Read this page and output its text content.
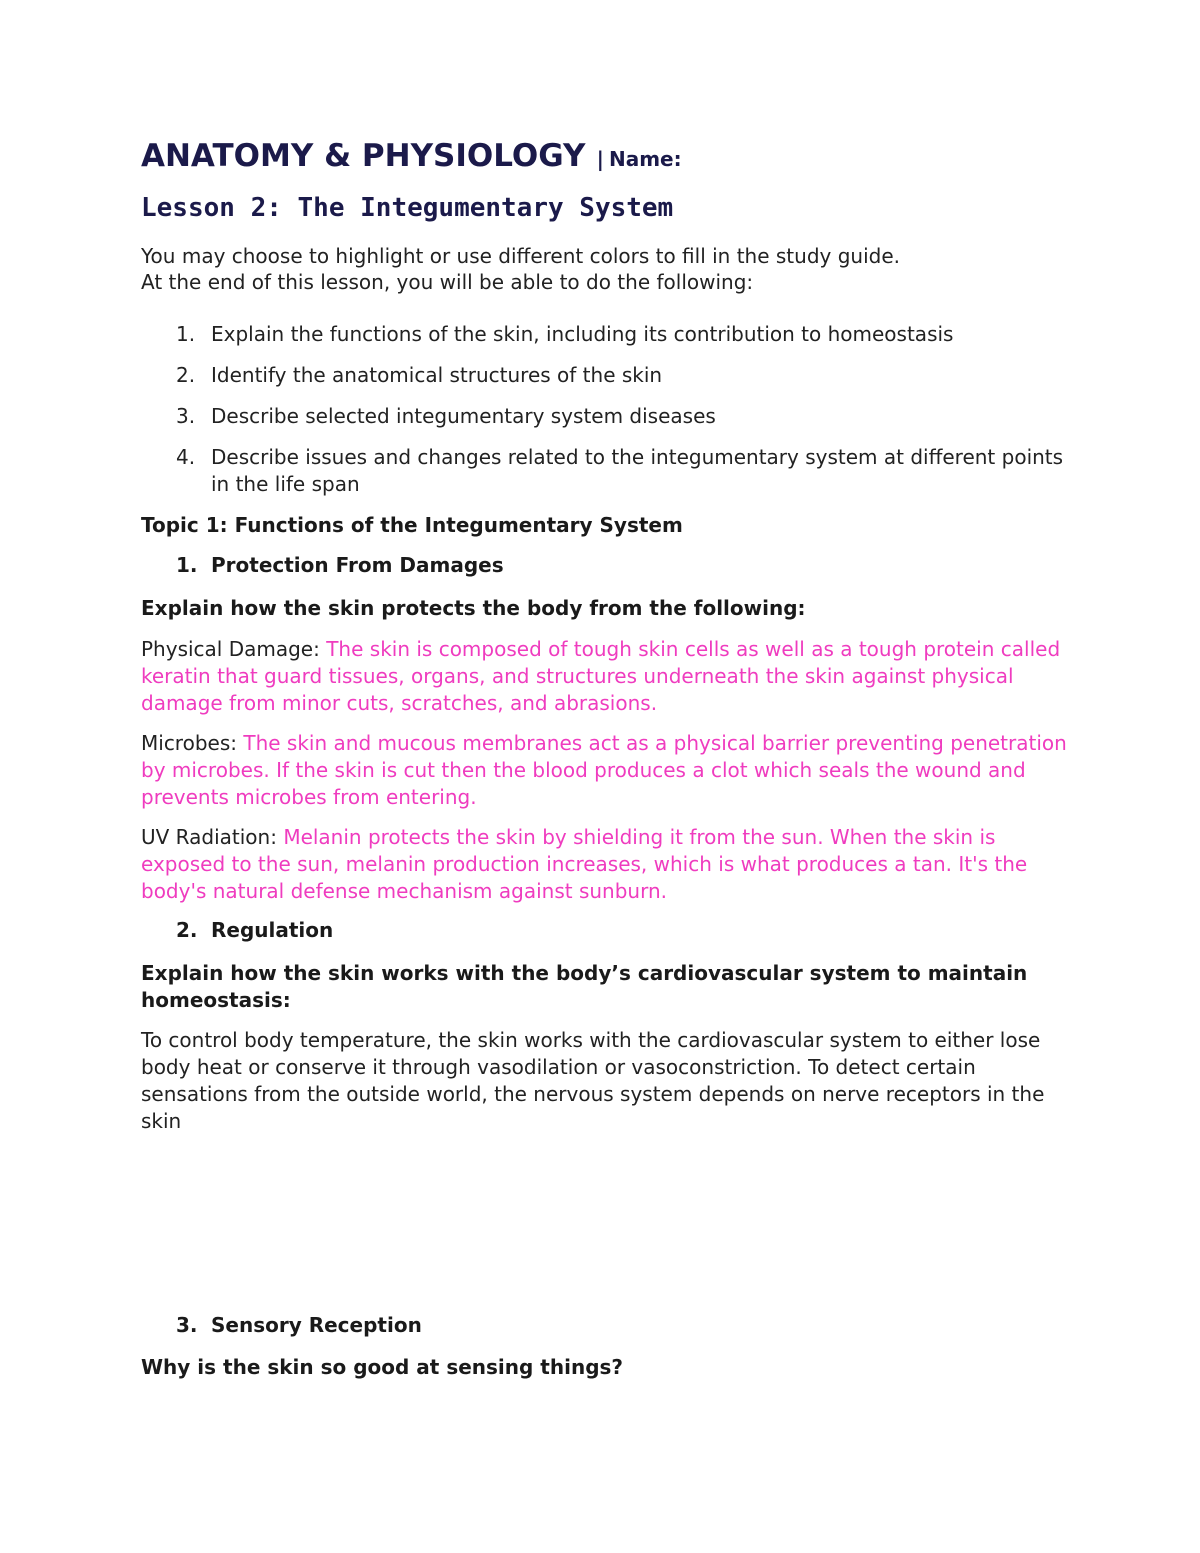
ANATOMY & PHYSIOLOGY | Name:
Lesson 2: The Integumentary System
You may choose to highlight or use different colors to fill in the study guide.
At the end of this lesson, you will be able to do the following:
1. Explain the functions of the skin, including its contribution to homeostasis
2. Identify the anatomical structures of the skin
3. Describe selected integumentary system diseases
4. Describe issues and changes related to the integumentary system at different points in the life span
Topic 1: Functions of the Integumentary System
1. Protection From Damages
Explain how the skin protects the body from the following:
Physical Damage: The skin is composed of tough skin cells as well as a tough protein called keratin that guard tissues, organs, and structures underneath the skin against physical damage from minor cuts, scratches, and abrasions.
Microbes: The skin and mucous membranes act as a physical barrier preventing penetration by microbes. If the skin is cut then the blood produces a clot which seals the wound and prevents microbes from entering.
UV Radiation: Melanin protects the skin by shielding it from the sun. When the skin is exposed to the sun, melanin production increases, which is what produces a tan. It's the body's natural defense mechanism against sunburn.
2. Regulation
Explain how the skin works with the body’s cardiovascular system to maintain homeostasis:
To control body temperature, the skin works with the cardiovascular system to either lose body heat or conserve it through vasodilation or vasoconstriction. To detect certain sensations from the outside world, the nervous system depends on nerve receptors in the skin
3. Sensory Reception
Why is the skin so good at sensing things?
